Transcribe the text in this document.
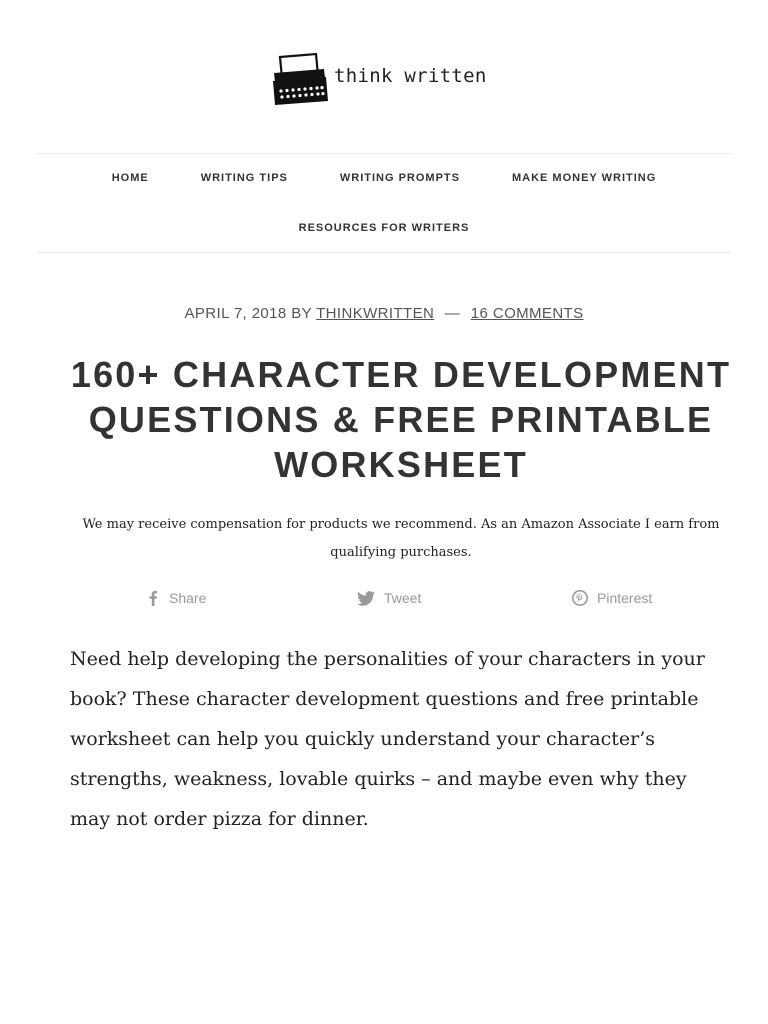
think written
HOME	WRITING TIPS	WRITING PROMPTS	MAKE MONEY WRITING
RESOURCES FOR WRITERS
APRIL 7, 2018 BY THINKWRITTEN — 16 COMMENTS
160+ CHARACTER DEVELOPMENT QUESTIONS & FREE PRINTABLE WORKSHEET

We may receive compensation for products we recommend. As an Amazon Associate I earn from qualifying purchases.

Share	Tweet	Pinterest

Need help developing the personalities of your characters in your book? These character development questions and free printable worksheet can help you quickly understand your character’s strengths, weakness, lovable quirks – and maybe even why they may not order pizza for dinner.
